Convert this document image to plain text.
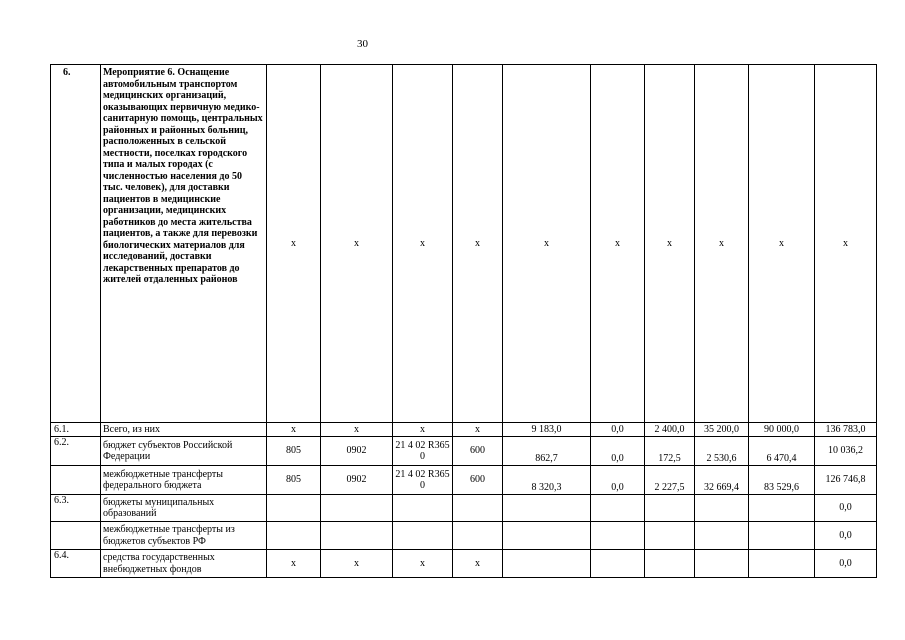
30
6.	Мероприятие 6. Оснащение автомобильным транспортом медицинских организаций, оказывающих первичную медико-санитарную помощь, центральных районных и районных больниц, расположенных в сельской местности, поселках городского типа и малых городах (с численностью населения до 50 тыс. человек), для доставки пациентов в медицинские организации, медицинских работников до места жительства пациентов, а также для перевозки биологических материалов для исследований, доставки лекарственных препаратов до жителей отдаленных районов	х	х	х	х	х	х	х	х	х	х
6.1.	Всего, из них	х	х	х	х	9 183,0	0,0	2 400,0	35 200,0	90 000,0	136 783,0
6.2.	бюджет субъектов Российской Федерации	805	0902	21 4 02 R365 0	600	862,7	0,0	172,5	2 530,6	6 470,4	10 036,2
	межбюджетные трансферты федерального бюджета	805	0902	21 4 02 R365 0	600	8 320,3	0,0	2 227,5	32 669,4	83 529,6	126 746,8
6.3.	бюджеты муниципальных образований										0,0
	межбюджетные трансферты из бюджетов субъектов РФ										0,0
6.4.	средства государственных внебюджетных фондов	х	х	х	х						0,0
